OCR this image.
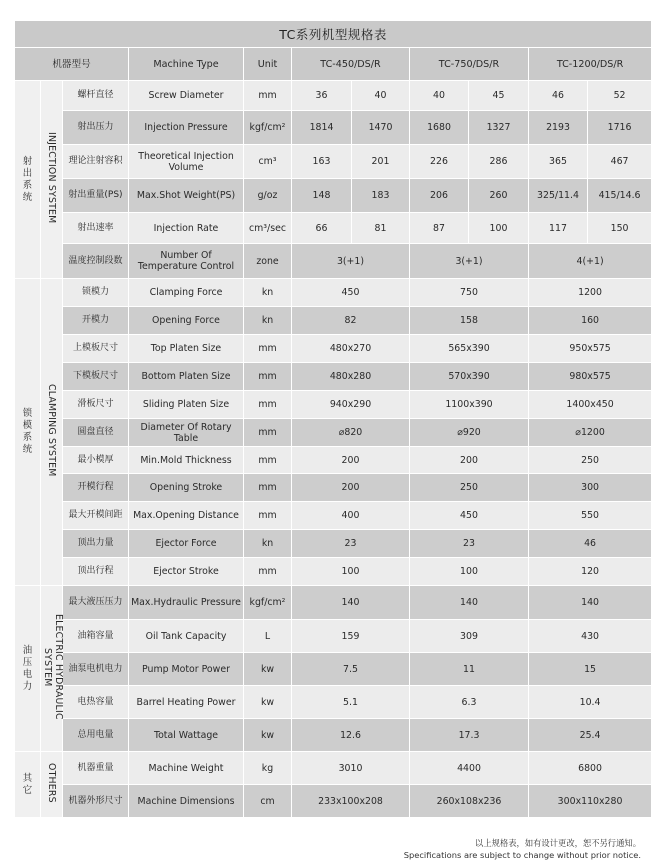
TC系列机型规格表										
机器型号			Machine Type	Unit	TC-450/DS/R		TC-750/DS/R		TC-1200/DS/R	
射出系统	INJECTION SYSTEM	螺杆直径	Screw Diameter	mm	36	40	40	45	46	52
		射出压力	Injection Pressure	kgf/cm²	1814	1470	1680	1327	2193	1716
		理论注射容积	Theoretical Injection Volume	cm³	163	201	226	286	365	467
		射出重量(PS)	Max.Shot Weight(PS)	g/oz	148	183	206	260	325/11.4	415/14.6
		射出速率	Injection Rate	cm³/sec	66	81	87	100	117	150
		温度控制段数	Number Of Temperature Control	zone	3(+1)		3(+1)		4(+1)	
锁模系统	CLAMPING SYSTEM	锁模力	Clamping Force	kn	450		750		1200	
		开模力	Opening Force	kn	82		158		160	
		上模板尺寸	Top Platen Size	mm	480x270		565x390		950x575	
		下模板尺寸	Bottom Platen Size	mm	480x280		570x390		980x575	
		滑板尺寸	Sliding Platen Size	mm	940x290		1100x390		1400x450	
		圆盘直径	Diameter Of Rotary Table	mm	⌀820		⌀920		⌀1200	
		最小模厚	Min.Mold Thickness	mm	200		200		250	
		开模行程	Opening Stroke	mm	200		250		300	
		最大开模间距	Max.Opening Distance	mm	400		450		550	
		顶出力量	Ejector Force	kn	23		23		46	
		顶出行程	Ejector Stroke	mm	100		100		120	
油压电力	ELECTRIC HYDRAULIC SYSTEM	最大液压压力	Max.Hydraulic Pressure	kgf/cm²	140		140		140	
		油箱容量	Oil Tank Capacity	L	159		309		430	
		油泵电机电力	Pump Motor Power	kw	7.5		11		15	
		电热容量	Barrel Heating Power	kw	5.1		6.3		10.4	
		总用电量	Total Wattage	kw	12.6		17.3		25.4	
其它	OTHERS	机器重量	Machine Weight	kg	3010		4400		6800	
		机器外形尺寸	Machine Dimensions	cm	233x100x208		260x108x236		300x110x280	
以上规格表，如有设计更改，恕不另行通知。
Specifications are subject to change without prior notice.
